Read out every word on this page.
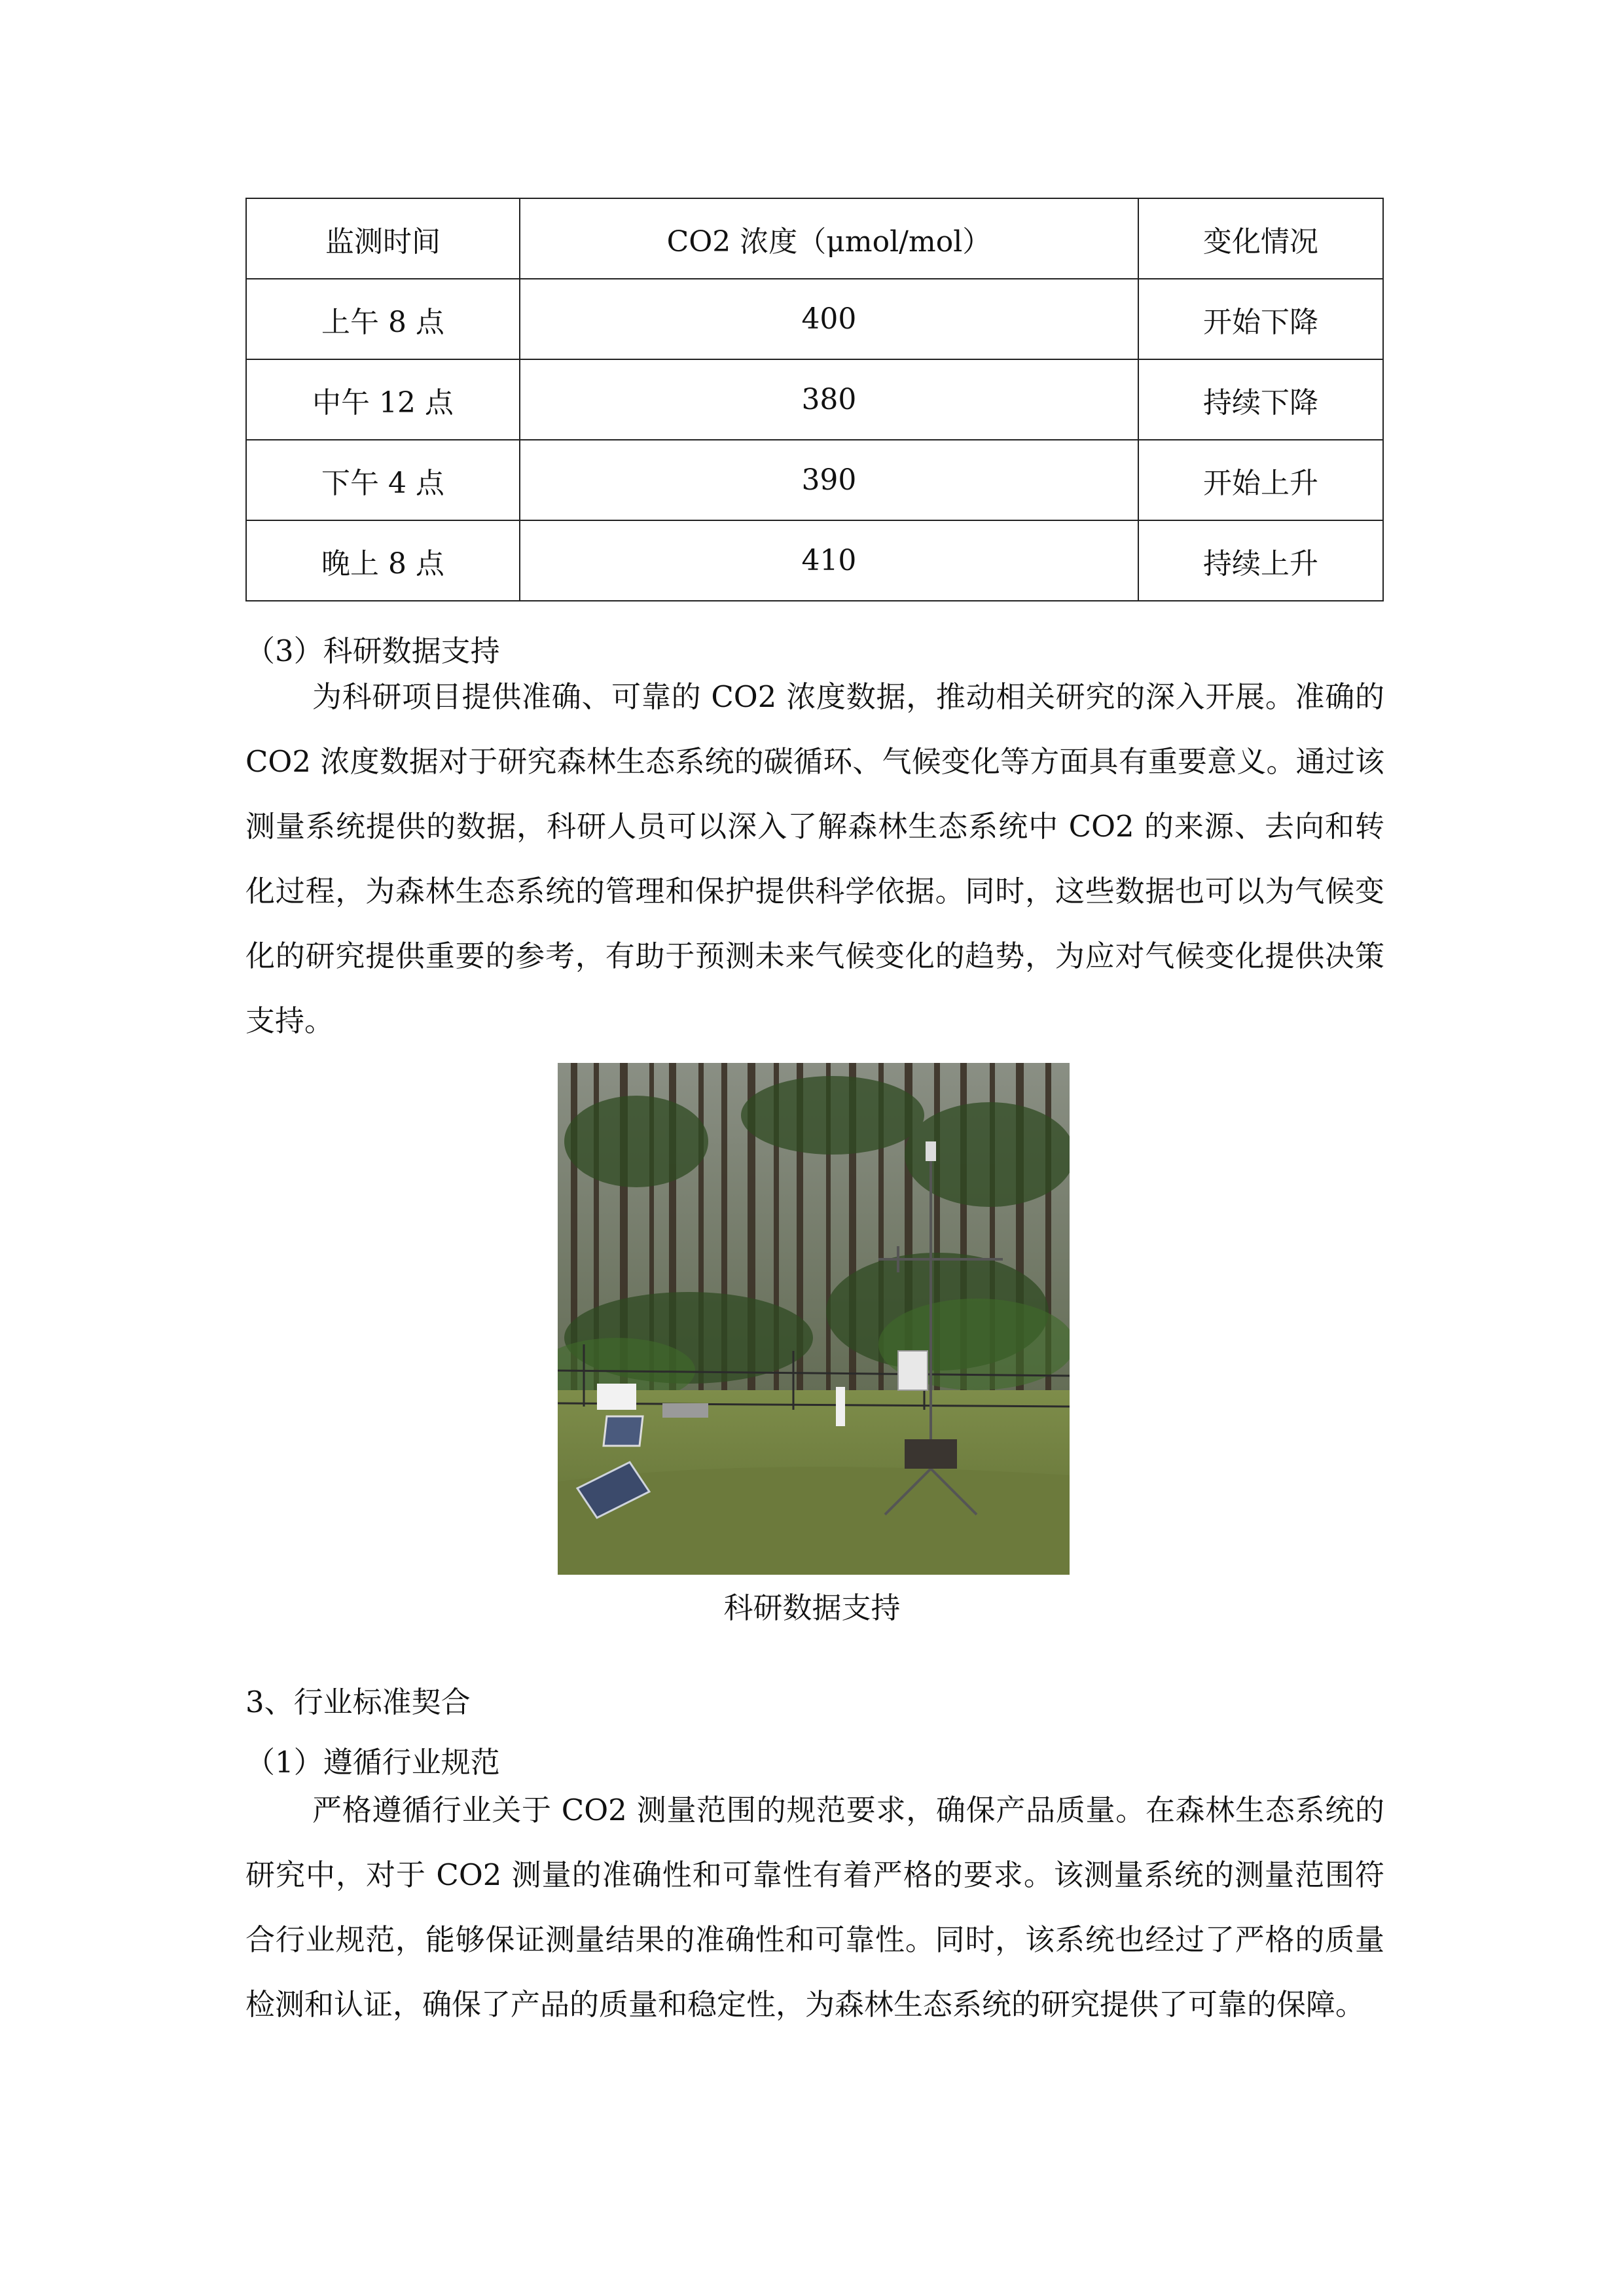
监测时间	CO2 浓度（μmol/mol）	变化情况
上午 8 点	400	开始下降
中午 12 点	380	持续下降
下午 4 点	390	开始上升
晚上 8 点	410	持续上升
（3）科研数据支持
为科研项目提供准确、可靠的 CO2 浓度数据，推动相关研究的深入开展。准确的 CO2 浓度数据对于研究森林生态系统的碳循环、气候变化等方面具有重要意义。通过该测量系统提供的数据，科研人员可以深入了解森林生态系统中 CO2 的来源、去向和转化过程，为森林生态系统的管理和保护提供科学依据。同时，这些数据也可以为气候变化的研究提供重要的参考，有助于预测未来气候变化的趋势，为应对气候变化提供决策支持。
科研数据支持
3、行业标准契合
（1）遵循行业规范
严格遵循行业关于 CO2 测量范围的规范要求，确保产品质量。在森林生态系统的研究中，对于 CO2 测量的准确性和可靠性有着严格的要求。该测量系统的测量范围符合行业规范，能够保证测量结果的准确性和可靠性。同时，该系统也经过了严格的质量检测和认证，确保了产品的质量和稳定性，为森林生态系统的研究提供了可靠的保障。
